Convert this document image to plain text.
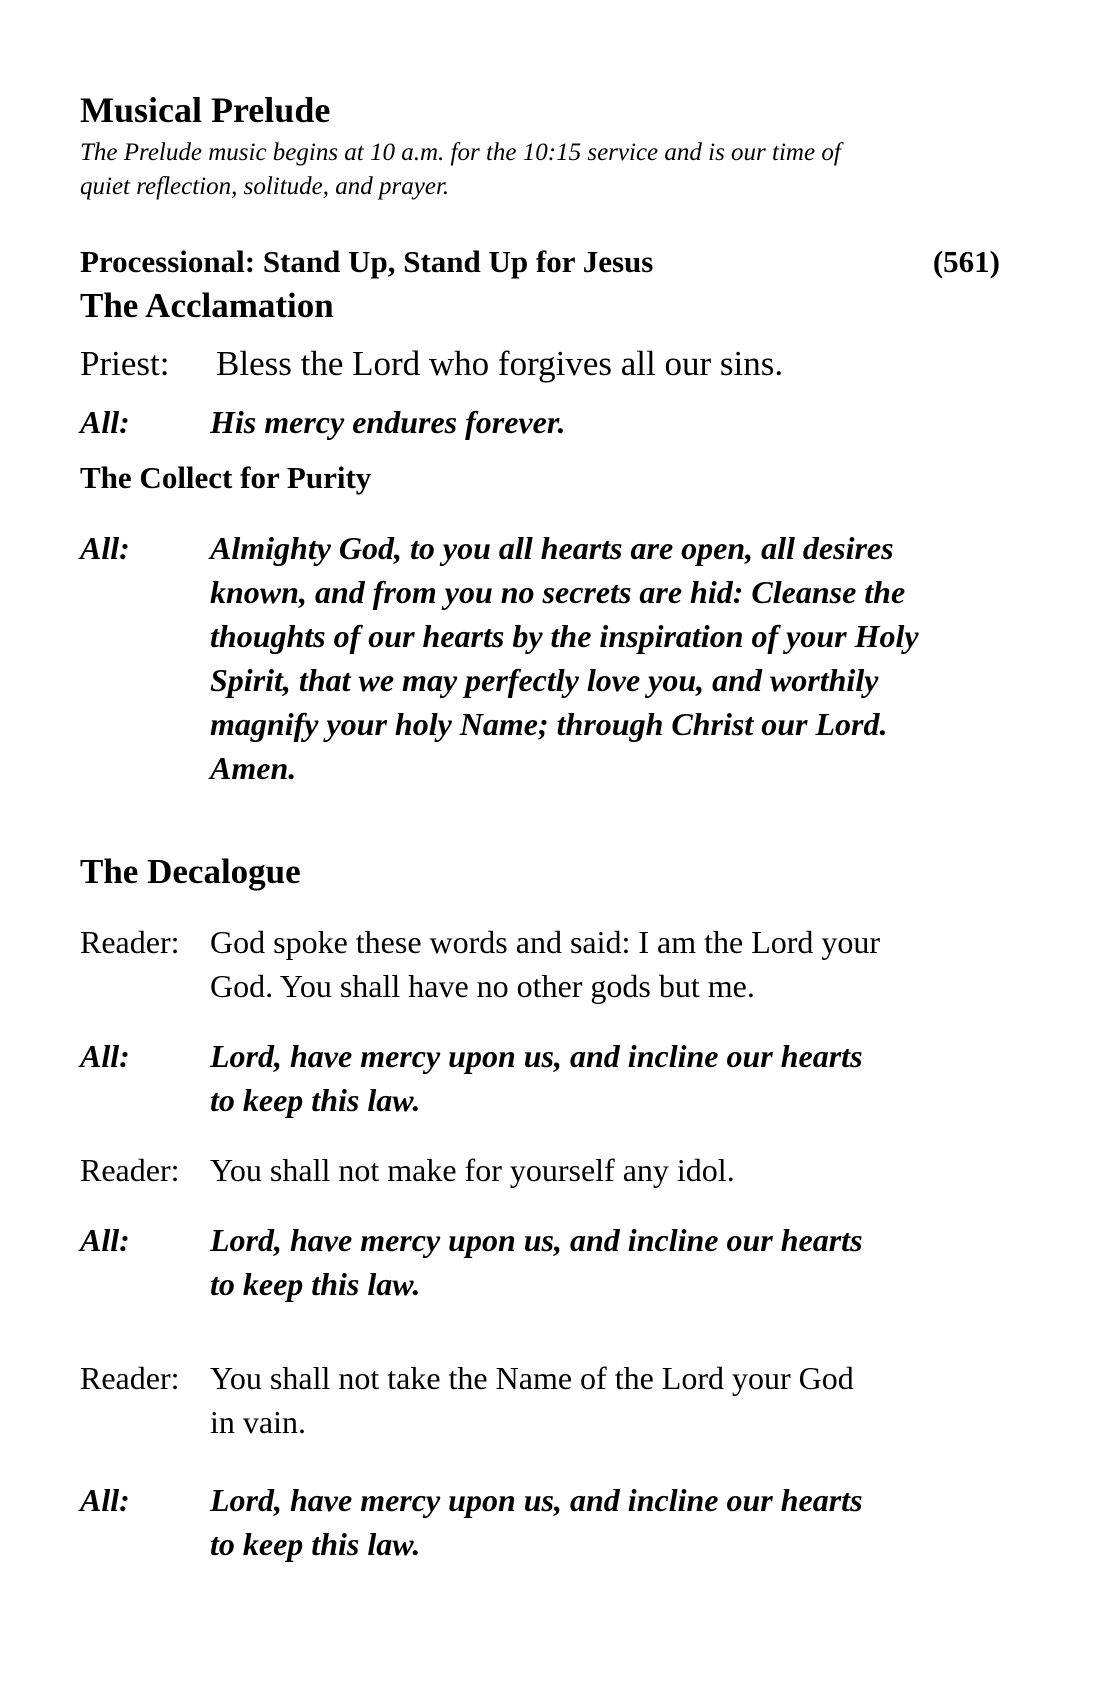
Musical Prelude
The Prelude music begins at 10 a.m. for the 10:15 service and is our time of
quiet reflection, solitude, and prayer.
Processional: Stand Up, Stand Up for Jesus	(561)
The Acclamation
Priest: Bless the Lord who forgives all our sins.
All:	His mercy endures forever.
The Collect for Purity
All:	Almighty God, to you all hearts are open, all desires
known, and from you no secrets are hid: Cleanse the
thoughts of our hearts by the inspiration of your Holy
Spirit, that we may perfectly love you, and worthily
magnify your holy Name; through Christ our Lord.
Amen.
The Decalogue
Reader: God spoke these words and said: I am the Lord your
God. You shall have no other gods but me.
All:	Lord, have mercy upon us, and incline our hearts
to keep this law.
Reader: You shall not make for yourself any idol.
All:	Lord, have mercy upon us, and incline our hearts
to keep this law.
Reader: You shall not take the Name of the Lord your God
in vain.
All:	Lord, have mercy upon us, and incline our hearts
to keep this law.
